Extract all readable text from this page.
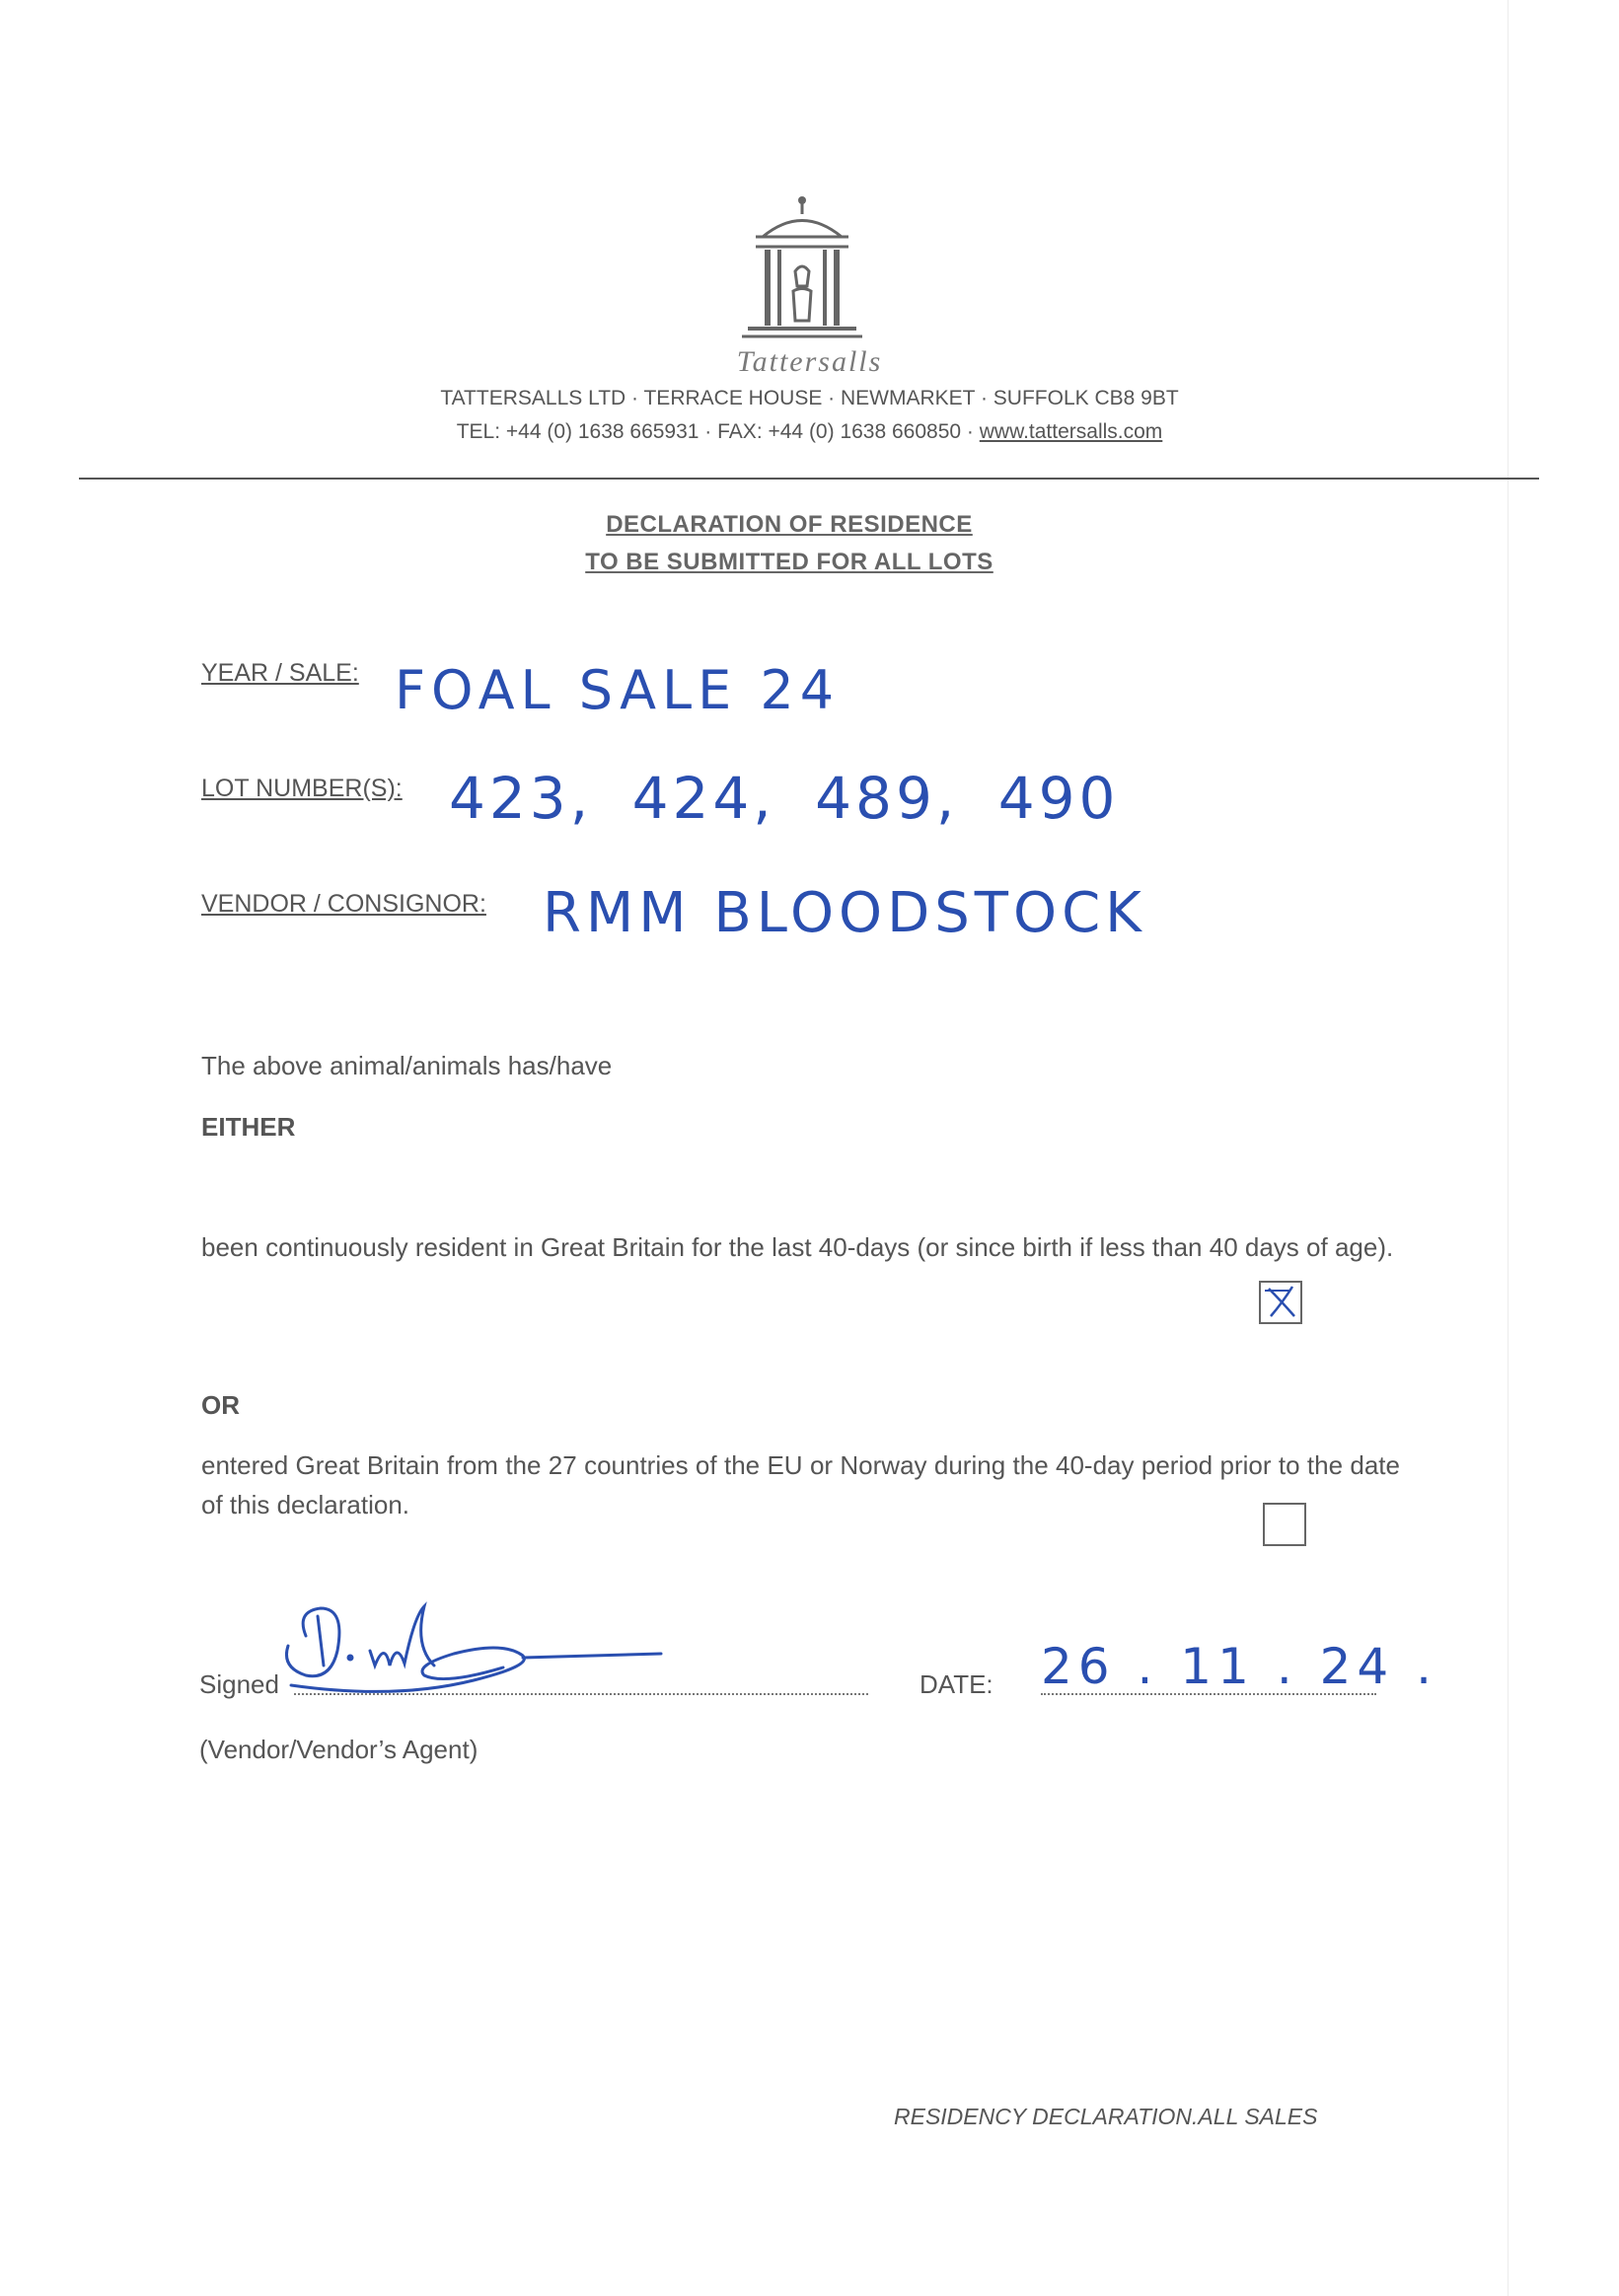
Tattersalls
TATTERSALLS LTD · TERRACE HOUSE · NEWMARKET · SUFFOLK CB8 9BT
TEL: +44 (0) 1638 665931 · FAX: +44 (0) 1638 660850 · www.tattersalls.com
DECLARATION OF RESIDENCE
TO BE SUBMITTED FOR ALL LOTS
YEAR / SALE: FOAL SALE 24
LOT NUMBER(S): 423, 424, 489, 490
VENDOR / CONSIGNOR: RMM BLOODSTOCK
The above animal/animals has/have
EITHER
been continuously resident in Great Britain for the last 40-days (or since birth if less than 40 days of age).
OR
entered Great Britain from the 27 countries of the EU or Norway during the 40-day period prior to the date of this declaration.
Signed	DATE: 26 . 11 . 24 .
(Vendor/Vendor’s Agent)
RESIDENCY DECLARATION.ALL SALES
